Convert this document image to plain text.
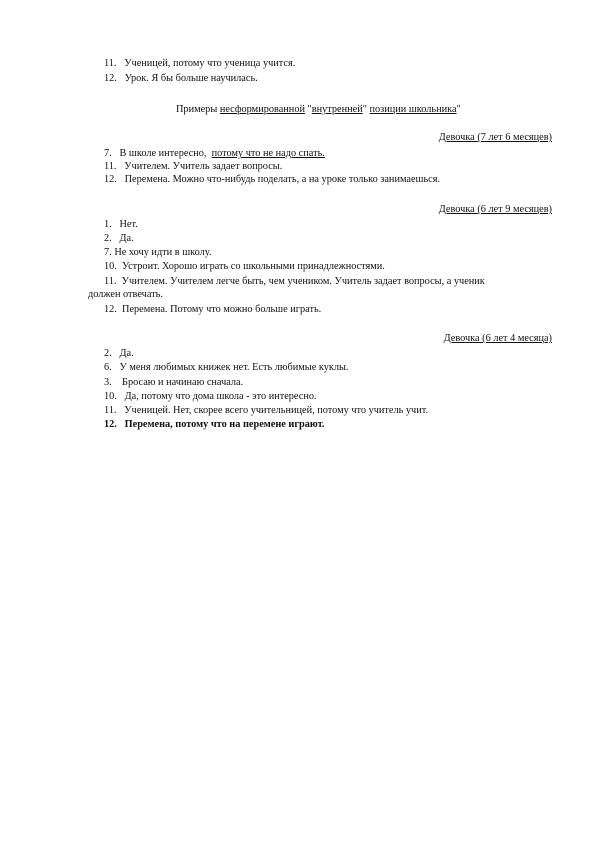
11. Ученицей, потому что ученица учится.
12. Урок. Я бы больше научилась.
Примеры несформированной "внутренней" позиции школьника"
Девочка (7 лет 6 месяцев)
7. В школе интересно, потому что не надо спать.
11. Учителем. Учитель задает вопросы.
12. Перемена. Можно что-нибудь поделать, а на уроке только занимаешься.
Девочка (6 лет 9 месяцев)
1. Нет.
2. Да.
7. Не хочу идти в школу.
10. Устроит. Хорошо играть со школьными принадлежностями.
11. Учителем. Учителем легче быть, чем учеником. Учитель задает вопросы, а ученик
должен отвечать.
12. Перемена. Потому что можно больше играть.
Девочка (6 лет 4 месяца)
2. Да.
6. У меня любимых книжек нет. Есть любимые куклы.
3.    Бросаю и начинаю сначала.
10. Да, потому что дома школа - это интересно.
11. Ученицей. Нет, скорее всего учительницей, потому что учитель учит.
12. Перемена, потому что на перемене играют.
